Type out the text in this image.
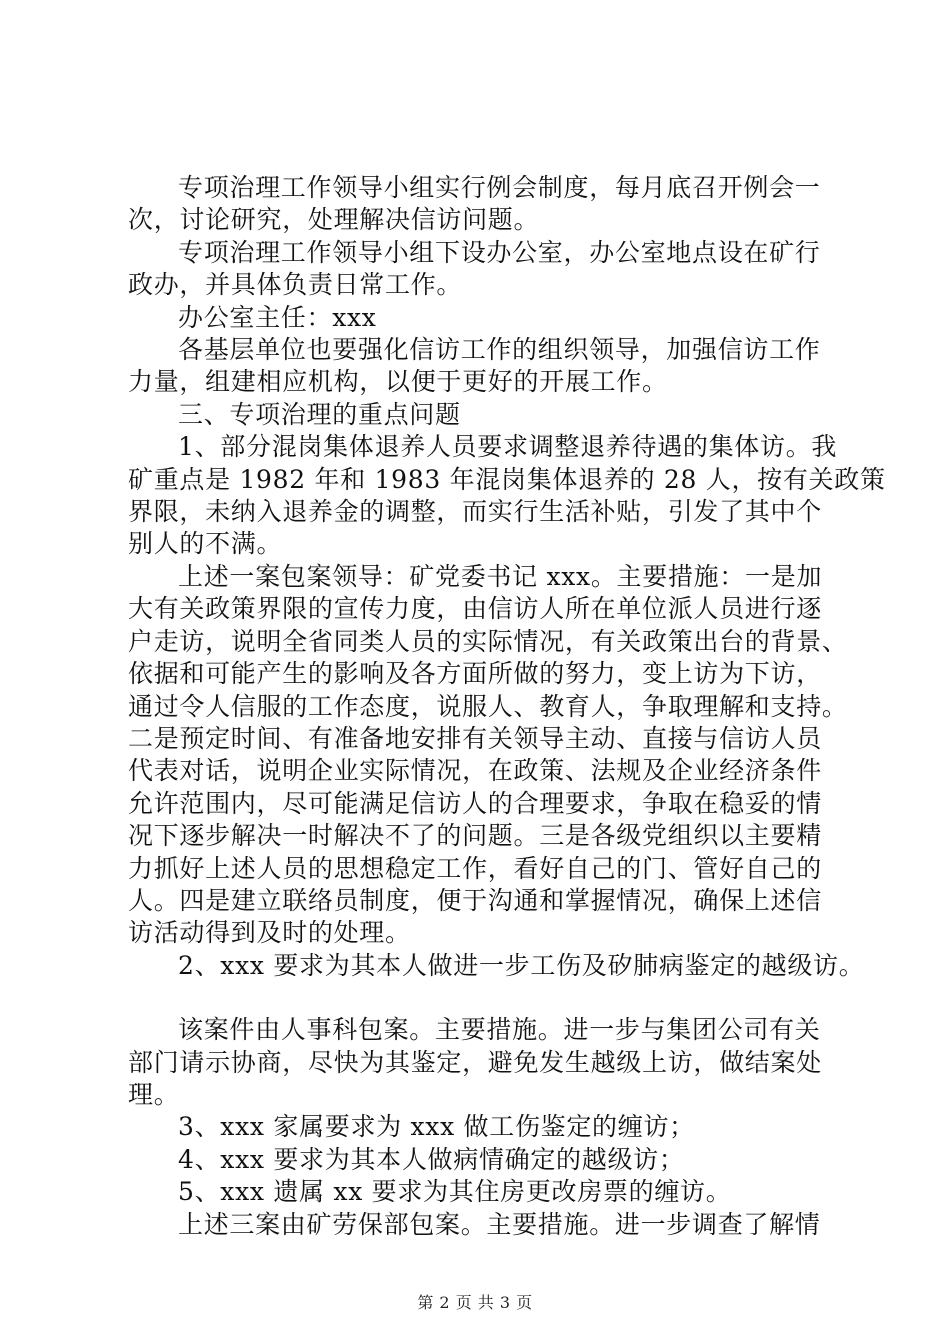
专项治理工作领导小组实行例会制度，每月底召开例会一

次，讨论研究，处理解决信访问题。

专项治理工作领导小组下设办公室，办公室地点设在矿行

政办，并具体负责日常工作。

办公室主任：xxx

各基层单位也要强化信访工作的组织领导，加强信访工作

力量，组建相应机构，以便于更好的开展工作。

三、专项治理的重点问题

1、部分混岗集体退养人员要求调整退养待遇的集体访。我

矿重点是 1982 年和 1983 年混岗集体退养的 28 人，按有关政策

界限，未纳入退养金的调整，而实行生活补贴，引发了其中个

别人的不满。

上述一案包案领导：矿党委书记 xxx。主要措施：一是加

大有关政策界限的宣传力度，由信访人所在单位派人员进行逐

户走访，说明全省同类人员的实际情况，有关政策出台的背景、

依据和可能产生的影响及各方面所做的努力，变上访为下访，

通过令人信服的工作态度，说服人、教育人，争取理解和支持。

二是预定时间、有准备地安排有关领导主动、直接与信访人员

代表对话，说明企业实际情况，在政策、法规及企业经济条件

允许范围内，尽可能满足信访人的合理要求，争取在稳妥的情

况下逐步解决一时解决不了的问题。三是各级党组织以主要精

力抓好上述人员的思想稳定工作，看好自己的门、管好自己的

人。四是建立联络员制度，便于沟通和掌握情况，确保上述信

访活动得到及时的处理。

2、xxx 要求为其本人做进一步工伤及矽肺病鉴定的越级访。

该案件由人事科包案。主要措施。进一步与集团公司有关

部门请示协商，尽快为其鉴定，避免发生越级上访，做结案处

理。

3、xxx 家属要求为 xxx 做工伤鉴定的缠访；

4、xxx 要求为其本人做病情确定的越级访；

5、xxx 遗属 xx 要求为其住房更改房票的缠访。

上述三案由矿劳保部包案。主要措施。进一步调查了解情

第 2 页 共 3 页
